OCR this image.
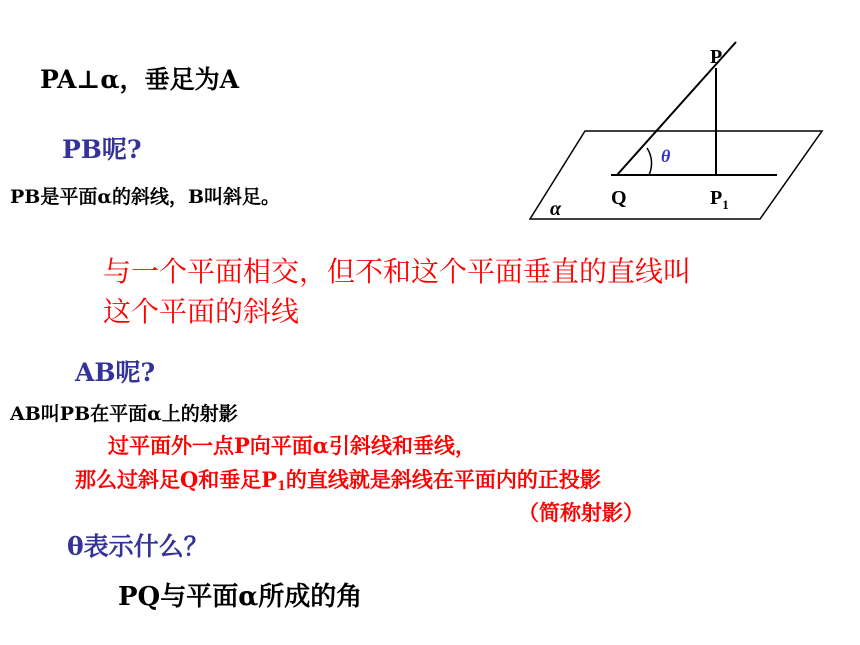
PA⊥α，垂足为A
PB呢?
PB是平面α的斜线，B叫斜足。
与一个平面相交，但不和这个平面垂直的直线叫
这个平面的斜线
AB呢?
AB叫PB在平面α上的射影
过平面外一点P向平面α引斜线和垂线，
那么过斜足Q和垂足$P_1$的直线就是斜线在平面内的正投影
（简称射影）
θ表示什么？
PQ与平面α所成的角
P
Q	$P_1$
θ
α
